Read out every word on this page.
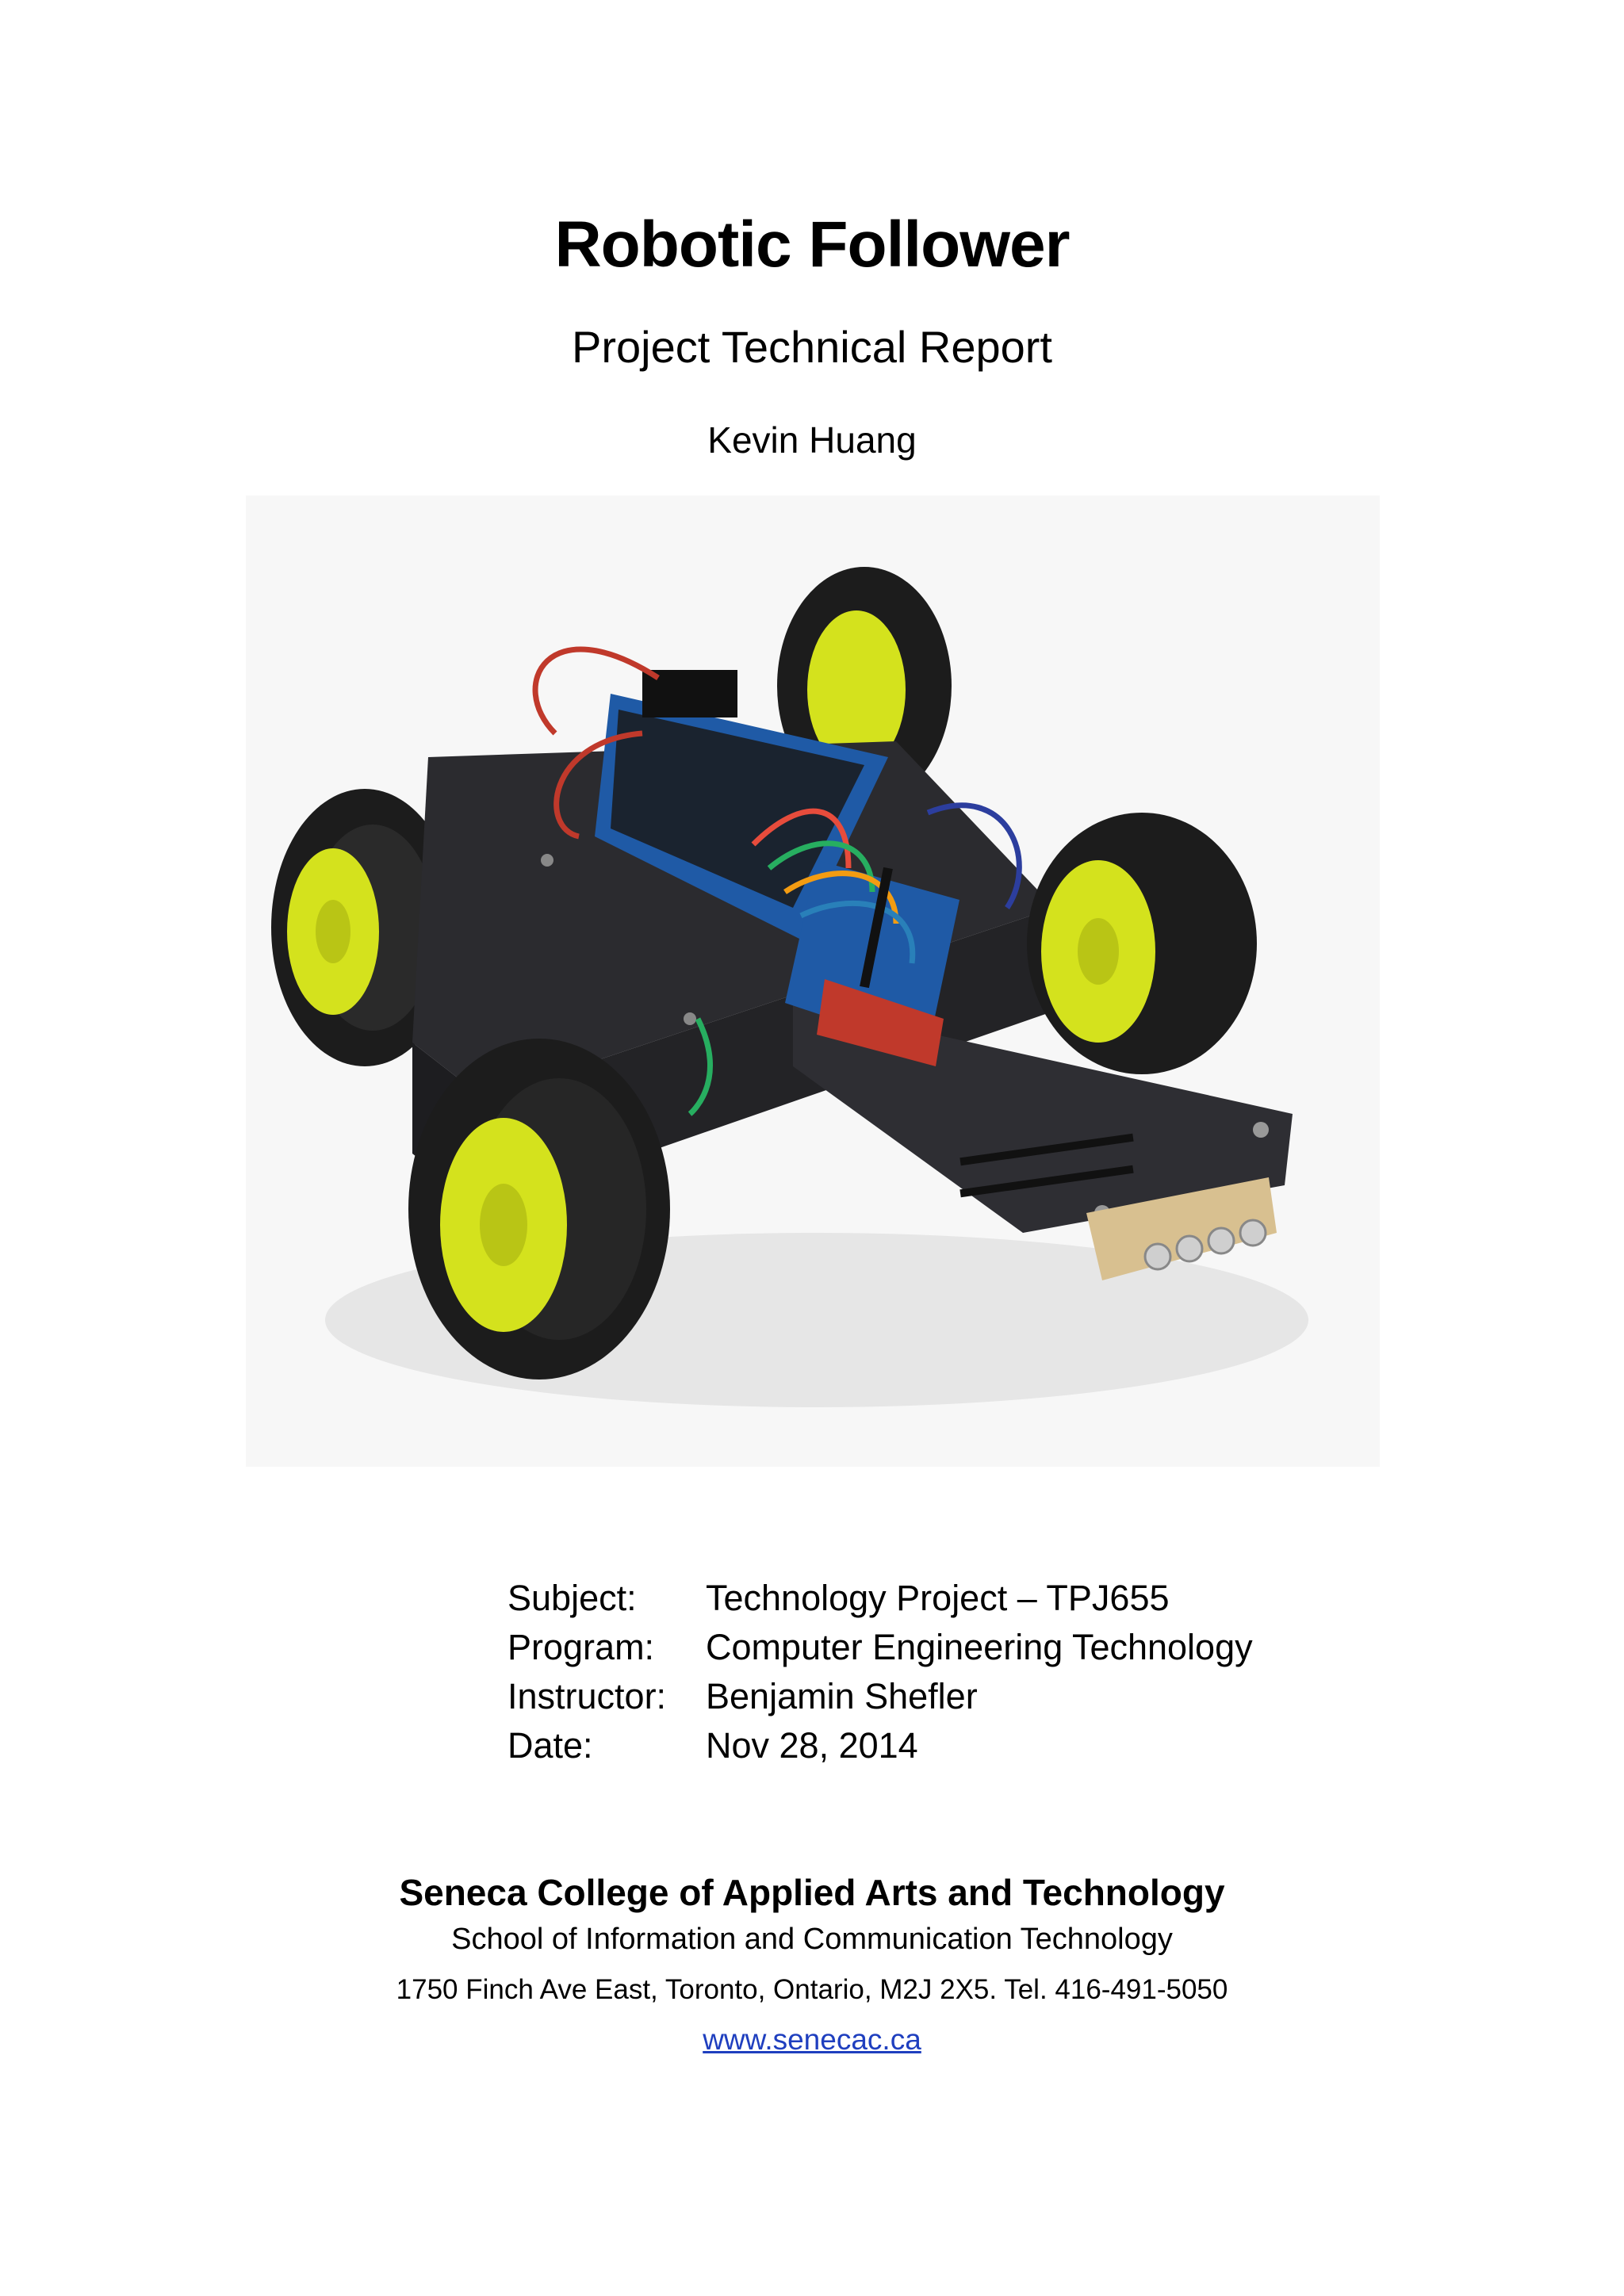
Robotic Follower
Project Technical Report
Kevin Huang
Subject:	Technology Project – TPJ655
Program:	Computer Engineering Technology
Instructor:	Benjamin Shefler
Date:	Nov 28, 2014
Seneca College of Applied Arts and Technology
School of Information and Communication Technology
1750 Finch Ave East, Toronto, Ontario, M2J 2X5. Tel. 416-491-5050
www.senecac.ca
